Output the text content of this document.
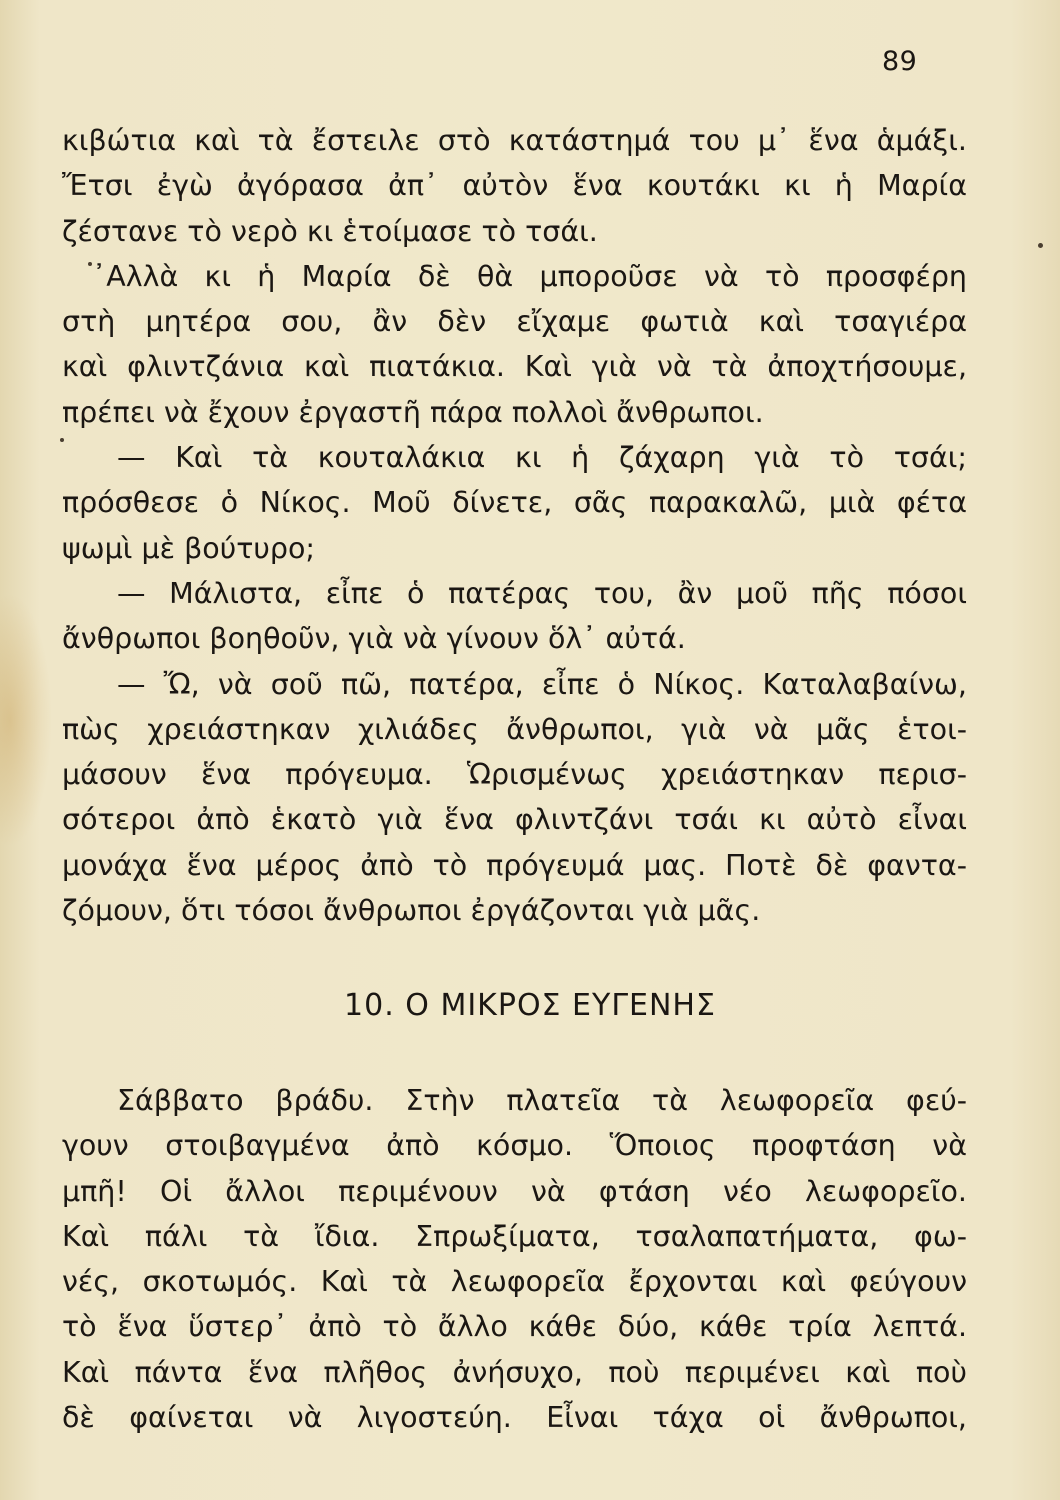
89
κιβώτια καὶ τὰ ἔστειλε στὸ κατάστημά του μ᾽ ἕνα ἁμάξι.
Ἔτσι ἐγὼ ἀγόρασα ἀπ᾽ αὐτὸν ἕνα κουτάκι κι ἡ Μαρία
ζέστανε τὸ νερὸ κι ἑτοίμασε τὸ τσάι.
᾽Αλλὰ κι ἡ Μαρία δὲ θὰ μποροῦσε νὰ τὸ προσφέρη
στὴ μητέρα σου, ἂν δὲν εἴχαμε φωτιὰ καὶ τσαγιέρα
καὶ φλιντζάνια καὶ πιατάκια. Καὶ γιὰ νὰ τὰ ἀποχτήσουμε,
πρέπει νὰ ἔχουν ἐργαστῆ πάρα πολλοὶ ἄνθρωποι.
— Καὶ τὰ κουταλάκια κι ἡ ζάχαρη γιὰ τὸ τσάι;
πρόσθεσε ὁ Νίκος. Μοῦ δίνετε, σᾶς παρακαλῶ, μιὰ φέτα
ψωμὶ μὲ βούτυρο;
— Μάλιστα, εἶπε ὁ πατέρας του, ἂν μοῦ πῆς πόσοι
ἄνθρωποι βοηθοῦν, γιὰ νὰ γίνουν ὅλ᾽ αὐτά.
— Ὤ, νὰ σοῦ πῶ, πατέρα, εἶπε ὁ Νίκος. Καταλαβαίνω,
πὼς χρειάστηκαν χιλιάδες ἄνθρωποι, γιὰ νὰ μᾶς ἑτοι-
μάσουν ἕνα πρόγευμα. Ὡρισμένως χρειάστηκαν περισ-
σότεροι ἀπὸ ἑκατὸ γιὰ ἕνα φλιντζάνι τσάι κι αὐτὸ εἶναι
μονάχα ἕνα μέρος ἀπὸ τὸ πρόγευμά μας. Ποτὲ δὲ φαντα-
ζόμουν, ὅτι τόσοι ἄνθρωποι ἐργάζονται γιὰ μᾶς.
10. Ο ΜΙΚΡΟΣ ΕΥΓΕΝΗΣ
Σάββατο βράδυ. Στὴν πλατεῖα τὰ λεωφορεῖα φεύ-
γουν στοιβαγμένα ἀπὸ κόσμο. Ὅποιος προφτάση νὰ
μπῆ! Οἱ ἄλλοι περιμένουν νὰ φτάση νέο λεωφορεῖο.
Καὶ πάλι τὰ ἴδια. Σπρωξίματα, τσαλαπατήματα, φω-
νές, σκοτωμός. Καὶ τὰ λεωφορεῖα ἔρχονται καὶ φεύγουν
τὸ ἕνα ὕστερ᾽ ἀπὸ τὸ ἄλλο κάθε δύο, κάθε τρία λεπτά.
Καὶ πάντα ἕνα πλῆθος ἀνήσυχο, ποὺ περιμένει καὶ ποὺ
δὲ φαίνεται νὰ λιγοστεύη. Εἶναι τάχα οἱ ἄνθρωποι,
